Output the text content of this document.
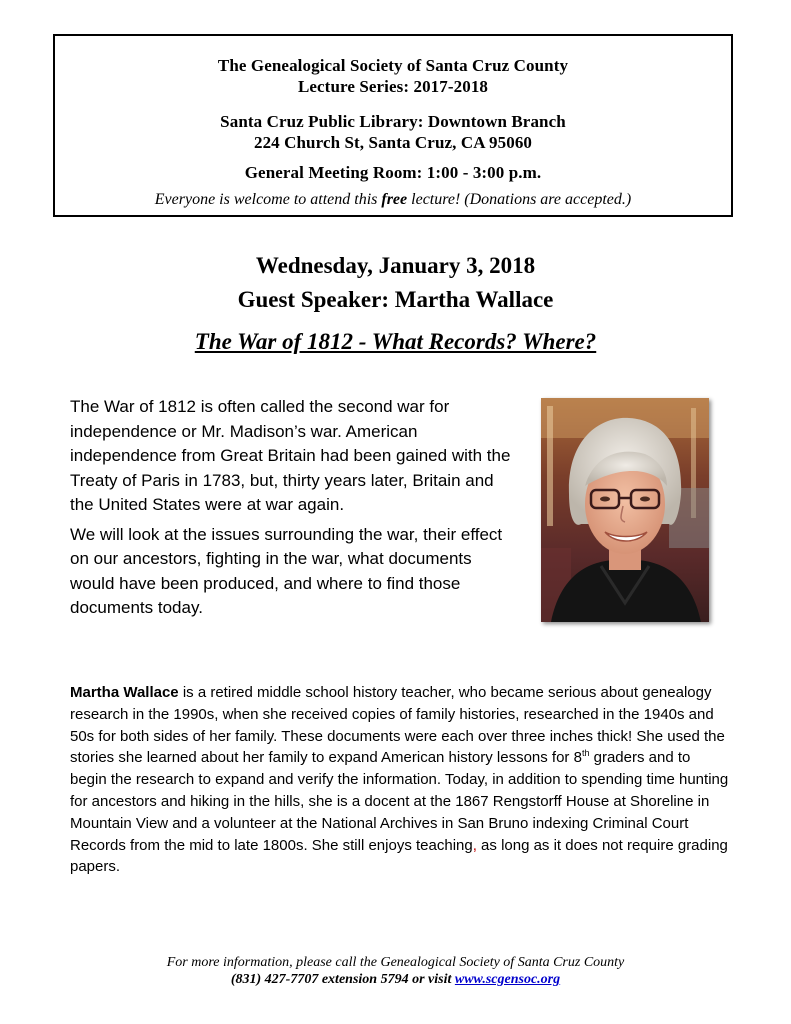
The Genealogical Society of Santa Cruz County
Lecture Series: 2017-2018
Santa Cruz Public Library: Downtown Branch
224 Church St, Santa Cruz, CA 95060
General Meeting Room: 1:00 - 3:00 p.m.
Everyone is welcome to attend this free lecture! (Donations are accepted.)
Wednesday, January 3, 2018
Guest Speaker: Martha Wallace
The War of 1812 - What Records? Where?

The War of 1812 is often called the second war for independence or Mr. Madison’s war. American independence from Great Britain had been gained with the Treaty of Paris in 1783, but, thirty years later, Britain and the United States were at war again.

We will look at the issues surrounding the war, their effect on our ancestors, fighting in the war, what documents would have been produced, and where to find those documents today.

Martha Wallace is a retired middle school history teacher, who became serious about genealogy research in the 1990s, when she received copies of family histories, researched in the 1940s and 50s for both sides of her family. These documents were each over three inches thick! She used the stories she learned about her family to expand American history lessons for 8th graders and to begin the research to expand and verify the information. Today, in addition to spending time hunting for ancestors and hiking in the hills, she is a docent at the 1867 Rengstorff House at Shoreline in Mountain View and a volunteer at the National Archives in San Bruno indexing Criminal Court Records from the mid to late 1800s. She still enjoys teaching, as long as it does not require grading papers.
For more information, please call the Genealogical Society of Santa Cruz County
(831) 427-7707 extension 5794 or visit www.scgensoc.org
